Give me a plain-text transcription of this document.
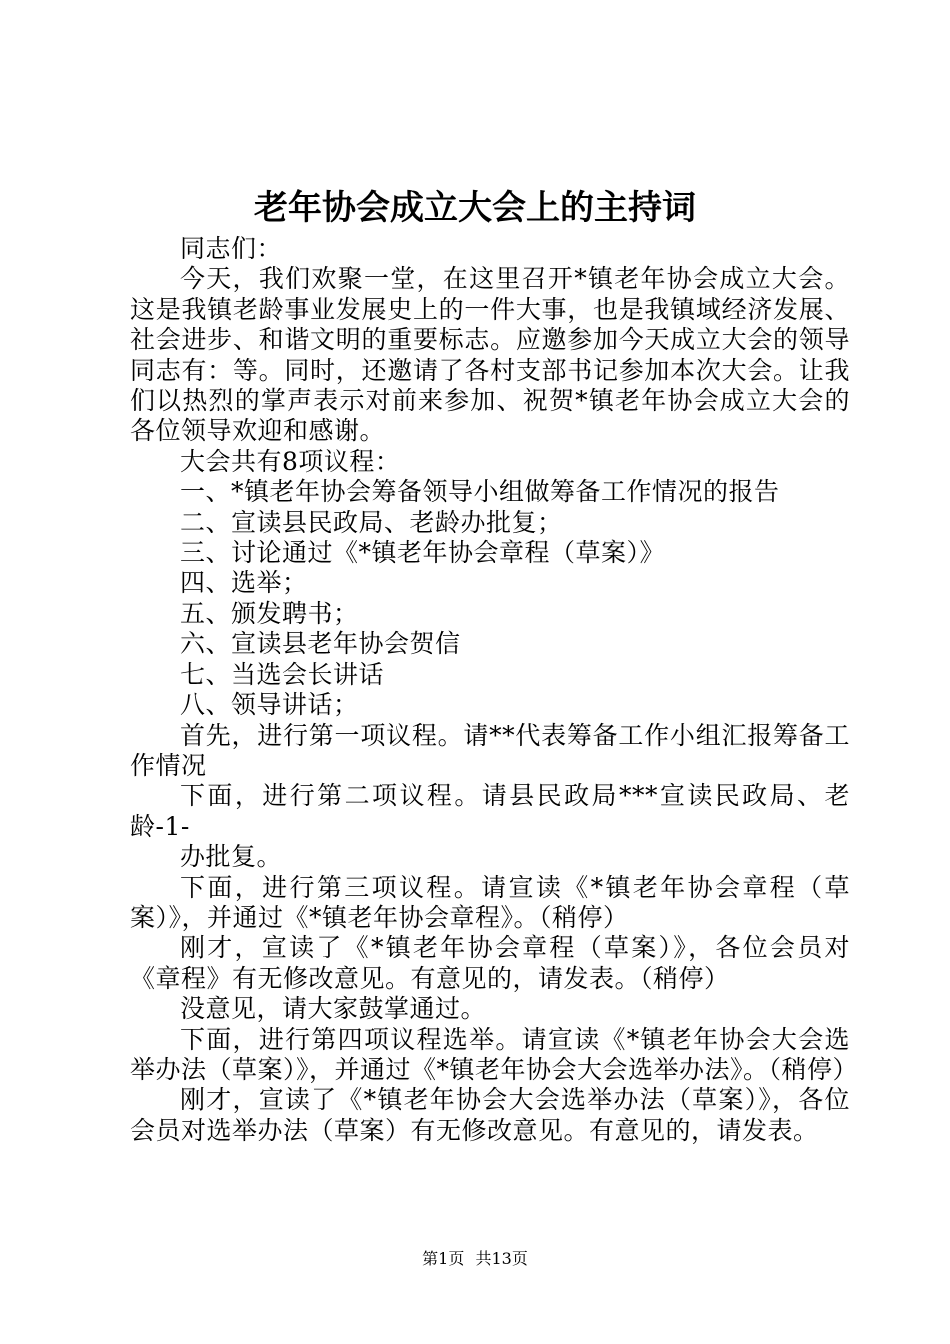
老年协会成立大会上的主持词

同志们：

今天，我们欢聚一堂，在这里召开*镇老年协会成立大会。这是我镇老龄事业发展史上的一件大事，也是我镇域经济发展、社会进步、和谐文明的重要标志。应邀参加今天成立大会的领导同志有：等。同时，还邀请了各村支部书记参加本次大会。让我们以热烈的掌声表示对前来参加、祝贺*镇老年协会成立大会的各位领导欢迎和感谢。

大会共有8项议程：

一、*镇老年协会筹备领导小组做筹备工作情况的报告

二、宣读县民政局、老龄办批复；

三、讨论通过《*镇老年协会章程（草案）》

四、选举；

五、颁发聘书；

六、宣读县老年协会贺信

七、当选会长讲话

八、领导讲话；

首先，进行第一项议程。请**代表筹备工作小组汇报筹备工作情况

下面，进行第二项议程。请县民政局***宣读民政局、老龄-1-

办批复。

下面，进行第三项议程。请宣读《*镇老年协会章程（草案）》，并通过《*镇老年协会章程》。（稍停）

刚才，宣读了《*镇老年协会章程（草案）》，各位会员对《章程》有无修改意见。有意见的，请发表。（稍停）

没意见，请大家鼓掌通过。

下面，进行第四项议程选举。请宣读《*镇老年协会大会选举办法（草案）》，并通过《*镇老年协会大会选举办法》。（稍停）

刚才，宣读了《*镇老年协会大会选举办法（草案）》，各位会员对选举办法（草案）有无修改意见。有意见的，请发表。

第1页 共13页
